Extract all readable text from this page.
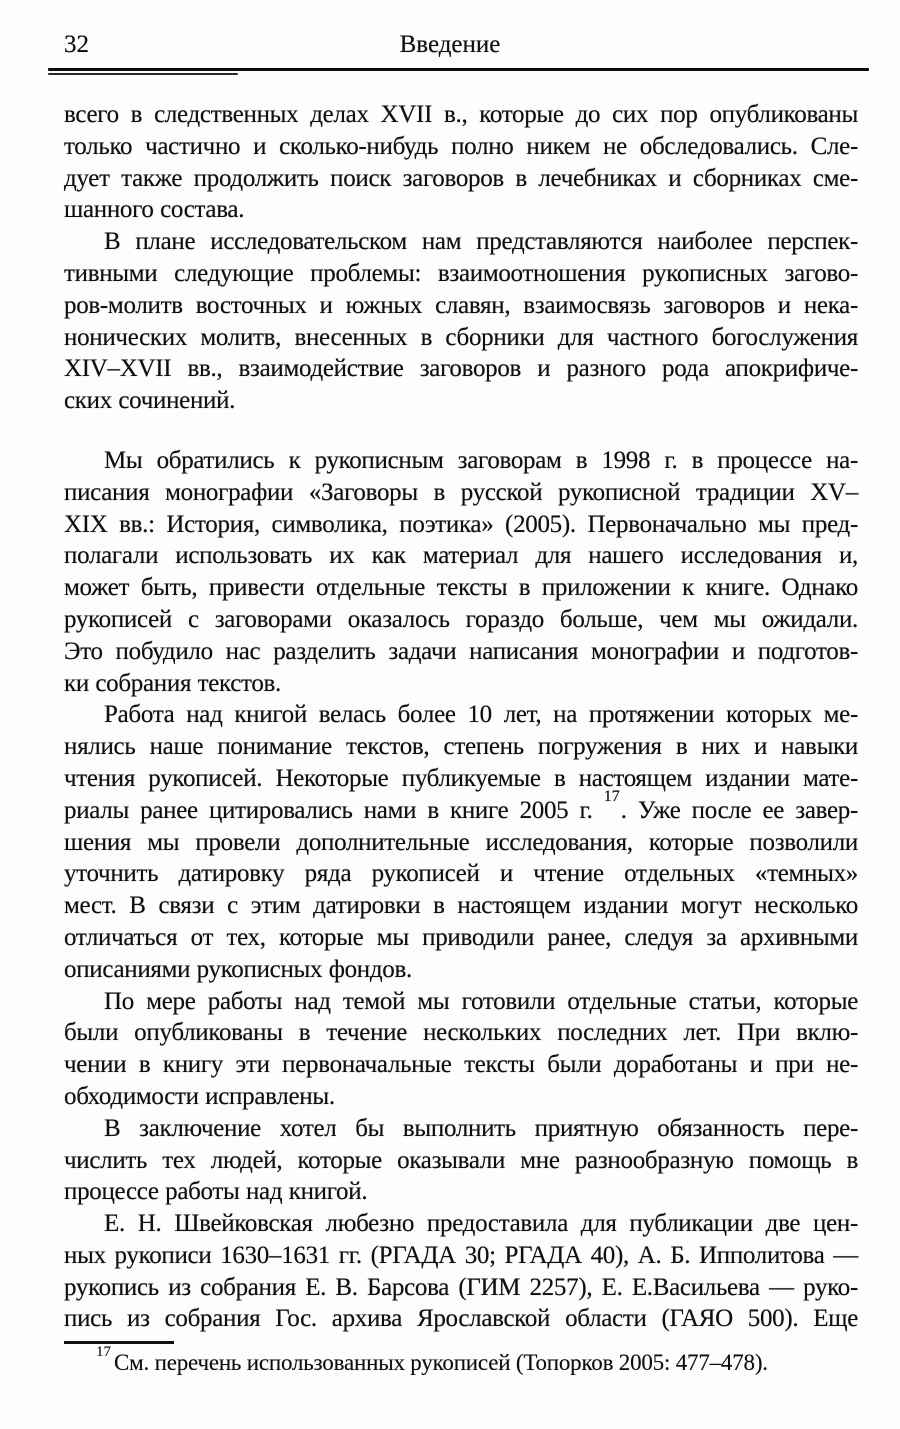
32	Введение
всего в следственных делах XVII в., которые до сих пор опубликованы
только частично и сколько-нибудь полно никем не обследовались. Сле-
дует также продолжить поиск заговоров в лечебниках и сборниках сме-
шанного состава.
В плане исследовательском нам представляются наиболее перспек-
тивными следующие проблемы: взаимоотношения рукописных загово-
ров-молитв восточных и южных славян, взаимосвязь заговоров и нека-
нонических молитв, внесенных в сборники для частного богослужения
XIV–XVII вв., взаимодействие заговоров и разного рода апокрифиче-
ских сочинений.
Мы обратились к рукописным заговорам в 1998 г. в процессе на-
писания монографии «Заговоры в русской рукописной традиции XV–
XIX вв.: История, символика, поэтика» (2005). Первоначально мы пред-
полагали использовать их как материал для нашего исследования и,
может быть, привести отдельные тексты в приложении к книге. Однако
рукописей с заговорами оказалось гораздо больше, чем мы ожидали.
Это побудило нас разделить задачи написания монографии и подготов-
ки собрания текстов.
Работа над книгой велась более 10 лет, на протяжении которых ме-
нялись наше понимание текстов, степень погружения в них и навыки
чтения рукописей. Некоторые публикуемые в настоящем издании мате-
риалы ранее цитировались нами в книге 2005 г. $^{17}$. Уже после ее завер-
шения мы провели дополнительные исследования, которые позволили
уточнить датировку ряда рукописей и чтение отдельных «темных»
мест. В связи с этим датировки в настоящем издании могут несколько
отличаться от тех, которые мы приводили ранее, следуя за архивными
описаниями рукописных фондов.
По мере работы над темой мы готовили отдельные статьи, которые
были опубликованы в течение нескольких последних лет. При вклю-
чении в книгу эти первоначальные тексты были доработаны и при не-
обходимости исправлены.
В заключение хотел бы выполнить приятную обязанность пере-
числить тех людей, которые оказывали мне разнообразную помощь в
процессе работы над книгой.
Е. Н. Швейковская любезно предоставила для публикации две цен-
ных рукописи 1630–1631 гг. (РГАДА 30; РГАДА 40), А. Б. Ипполитова —
рукопись из собрания Е. В. Барсова (ГИМ 2257), Е. Е.Васильева — руко-
пись из собрания Гос. архива Ярославской области (ГАЯО 500). Еще
$^{17}$ См. перечень использованных рукописей (Топорков 2005: 477–478).
